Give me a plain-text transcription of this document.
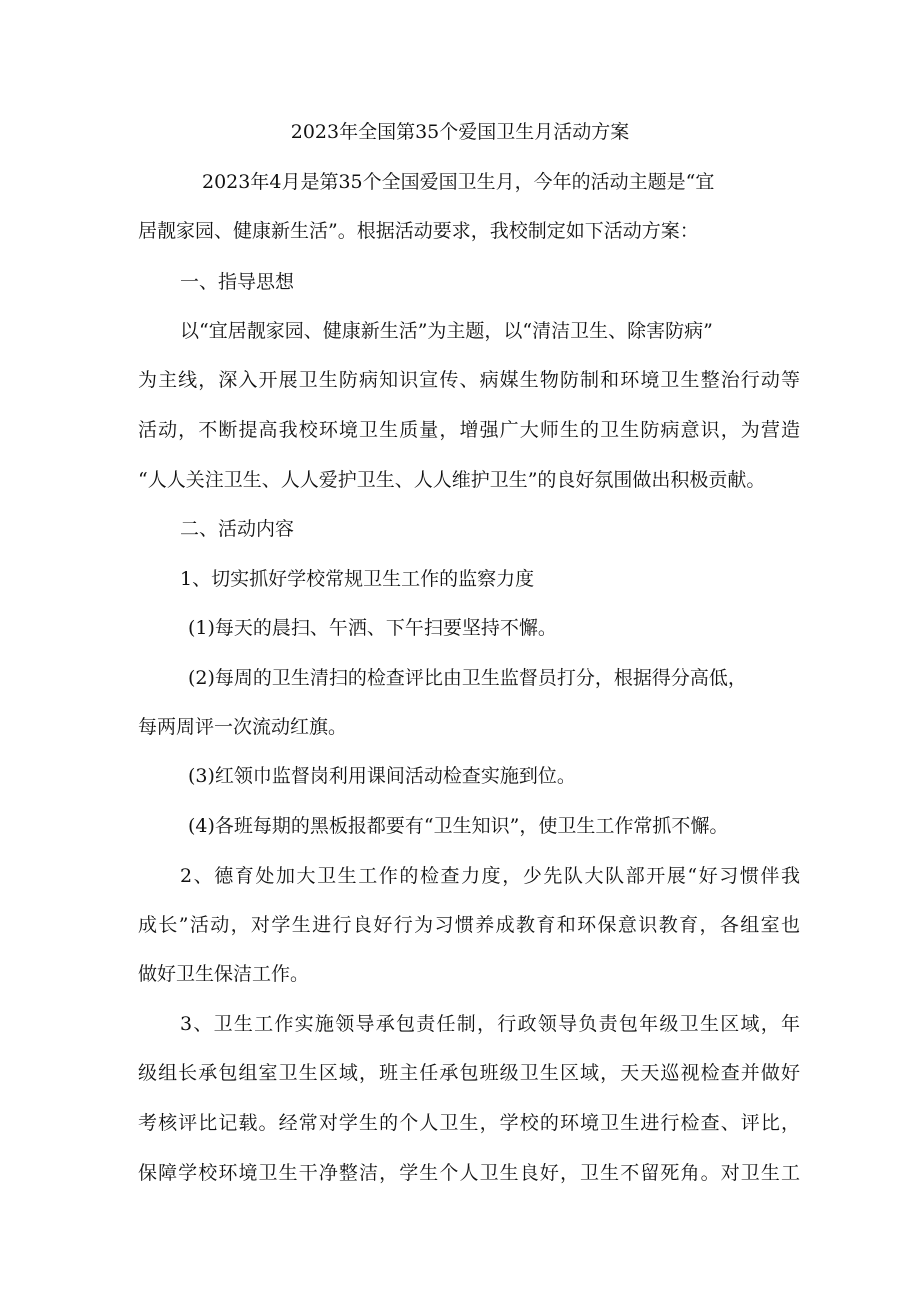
2023年全国第35个爱国卫生月活动方案
2023年4月是第35个全国爱国卫生月，今年的活动主题是“宜
居靓家园、健康新生活”。根据活动要求，我校制定如下活动方案：
一、指导思想
以“宜居靓家园、健康新生活”为主题，以“清洁卫生、除害防病”
为主线，深入开展卫生防病知识宣传、病媒生物防制和环境卫生整治行动等
活动，不断提高我校环境卫生质量，增强广大师生的卫生防病意识，为营造
“人人关注卫生、人人爱护卫生、人人维护卫生”的良好氛围做出积极贡献。
二、活动内容
1、切实抓好学校常规卫生工作的监察力度
(1)每天的晨扫、午洒、下午扫要坚持不懈。
(2)每周的卫生清扫的检查评比由卫生监督员打分，根据得分高低，
每两周评一次流动红旗。
(3)红领巾监督岗利用课间活动检查实施到位。
(4)各班每期的黑板报都要有“卫生知识”，使卫生工作常抓不懈。
2、德育处加大卫生工作的检查力度，少先队大队部开展“好习惯伴我
成长”活动，对学生进行良好行为习惯养成教育和环保意识教育，各组室也
做好卫生保洁工作。
3、卫生工作实施领导承包责任制，行政领导负责包年级卫生区域，年
级组长承包组室卫生区域，班主任承包班级卫生区域，天天巡视检查并做好
考核评比记载。经常对学生的个人卫生，学校的环境卫生进行检查、评比，
保障学校环境卫生干净整洁，学生个人卫生良好，卫生不留死角。对卫生工
